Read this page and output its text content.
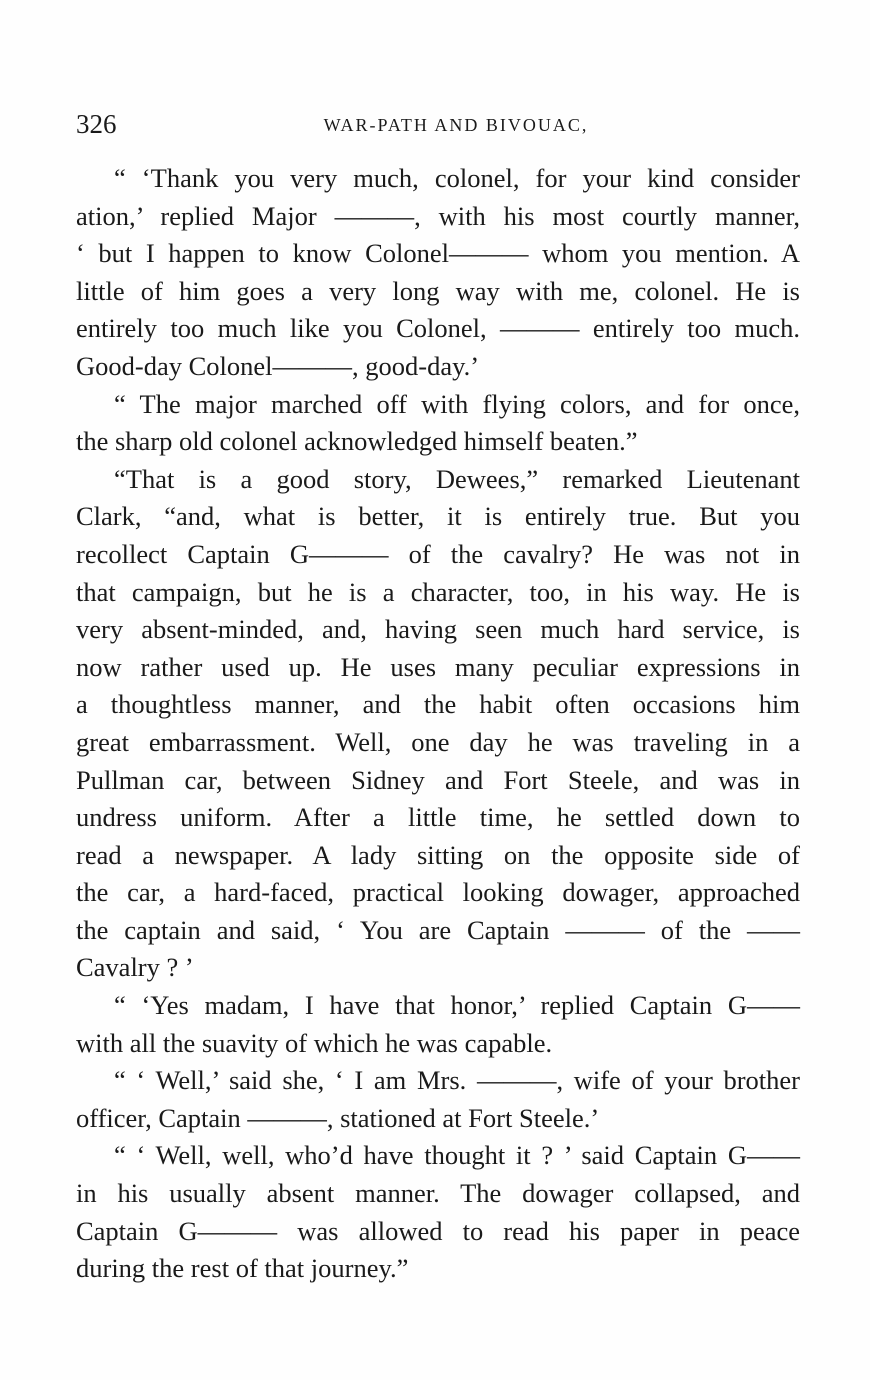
326	WAR-PATH AND BIVOUAC,
“ ‘Thank you very much, colonel, for your kind consider
ation,’ replied Major ———, with his most courtly manner,
‘ but I happen to know Colonel——— whom you mention. A
little of him goes a very long way with me, colonel. He is
entirely too much like you Colonel, ——— entirely too much.
Good-day Colonel———, good-day.’
“ The major marched off with flying colors, and for once,
the sharp old colonel acknowledged himself beaten.”
“That is a good story, Dewees,” remarked Lieutenant
Clark, “and, what is better, it is entirely true. But you
recollect Captain G——— of the cavalry? He was not in
that campaign, but he is a character, too, in his way. He is
very absent-minded, and, having seen much hard service, is
now rather used up. He uses many peculiar expressions in
a thoughtless manner, and the habit often occasions him
great embarrassment. Well, one day he was traveling in a
Pullman car, between Sidney and Fort Steele, and was in
undress uniform. After a little time, he settled down to
read a newspaper. A lady sitting on the opposite side of
the car, a hard-faced, practical looking dowager, approached
the captain and said, ‘ You are Captain ——— of the ——
Cavalry ? ’
“ ‘Yes madam, I have that honor,’ replied Captain G——
with all the suavity of which he was capable.
“ ‘ Well,’ said she, ‘ I am Mrs. ———, wife of your brother
officer, Captain ———, stationed at Fort Steele.’
“ ‘ Well, well, who’d have thought it ? ’ said Captain G——
in his usually absent manner. The dowager collapsed, and
Captain G——— was allowed to read his paper in peace
during the rest of that journey.”
